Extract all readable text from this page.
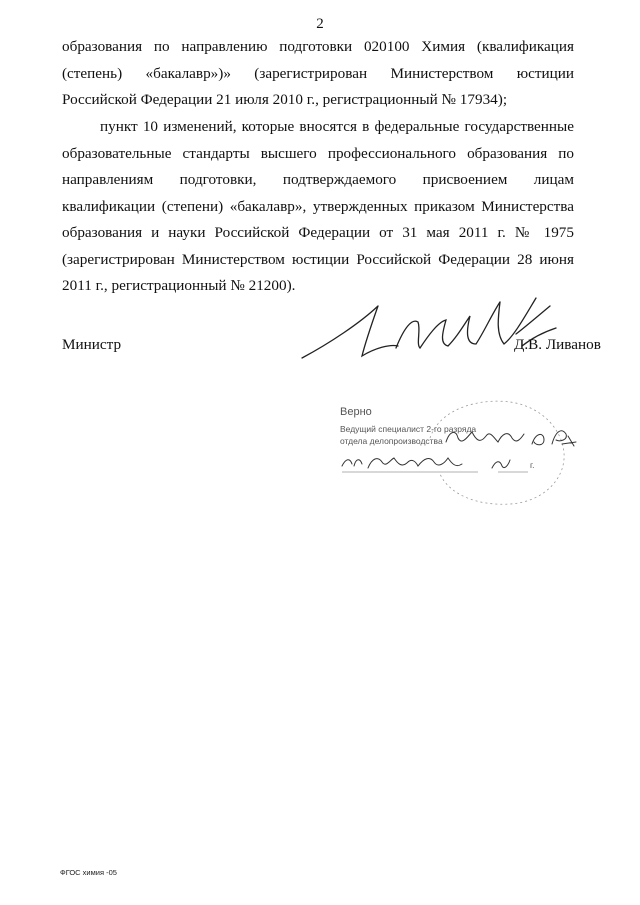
2

образования по направлению подготовки 020100 Химия (квалификация (степень) «бакалавр»)» (зарегистрирован Министерством юстиции Российской Федерации 21 июля 2010 г., регистрационный № 17934);

пункт 10 изменений, которые вносятся в федеральные государственные образовательные стандарты высшего профессионального образования по направлениям подготовки, подтверждаемого присвоением лицам квалификации (степени) «бакалавр», утвержденных приказом Министерства образования и науки Российской Федерации от 31 мая 2011 г. № 1975 (зарегистрирован Министерством юстиции Российской Федерации 28 июня 2011 г., регистрационный № 21200).

Министр	Д.В. Ливанов
Верно
Ведущий специалист 2-го разряда
отдела делопроизводства
г.
ФГОС химия -05
